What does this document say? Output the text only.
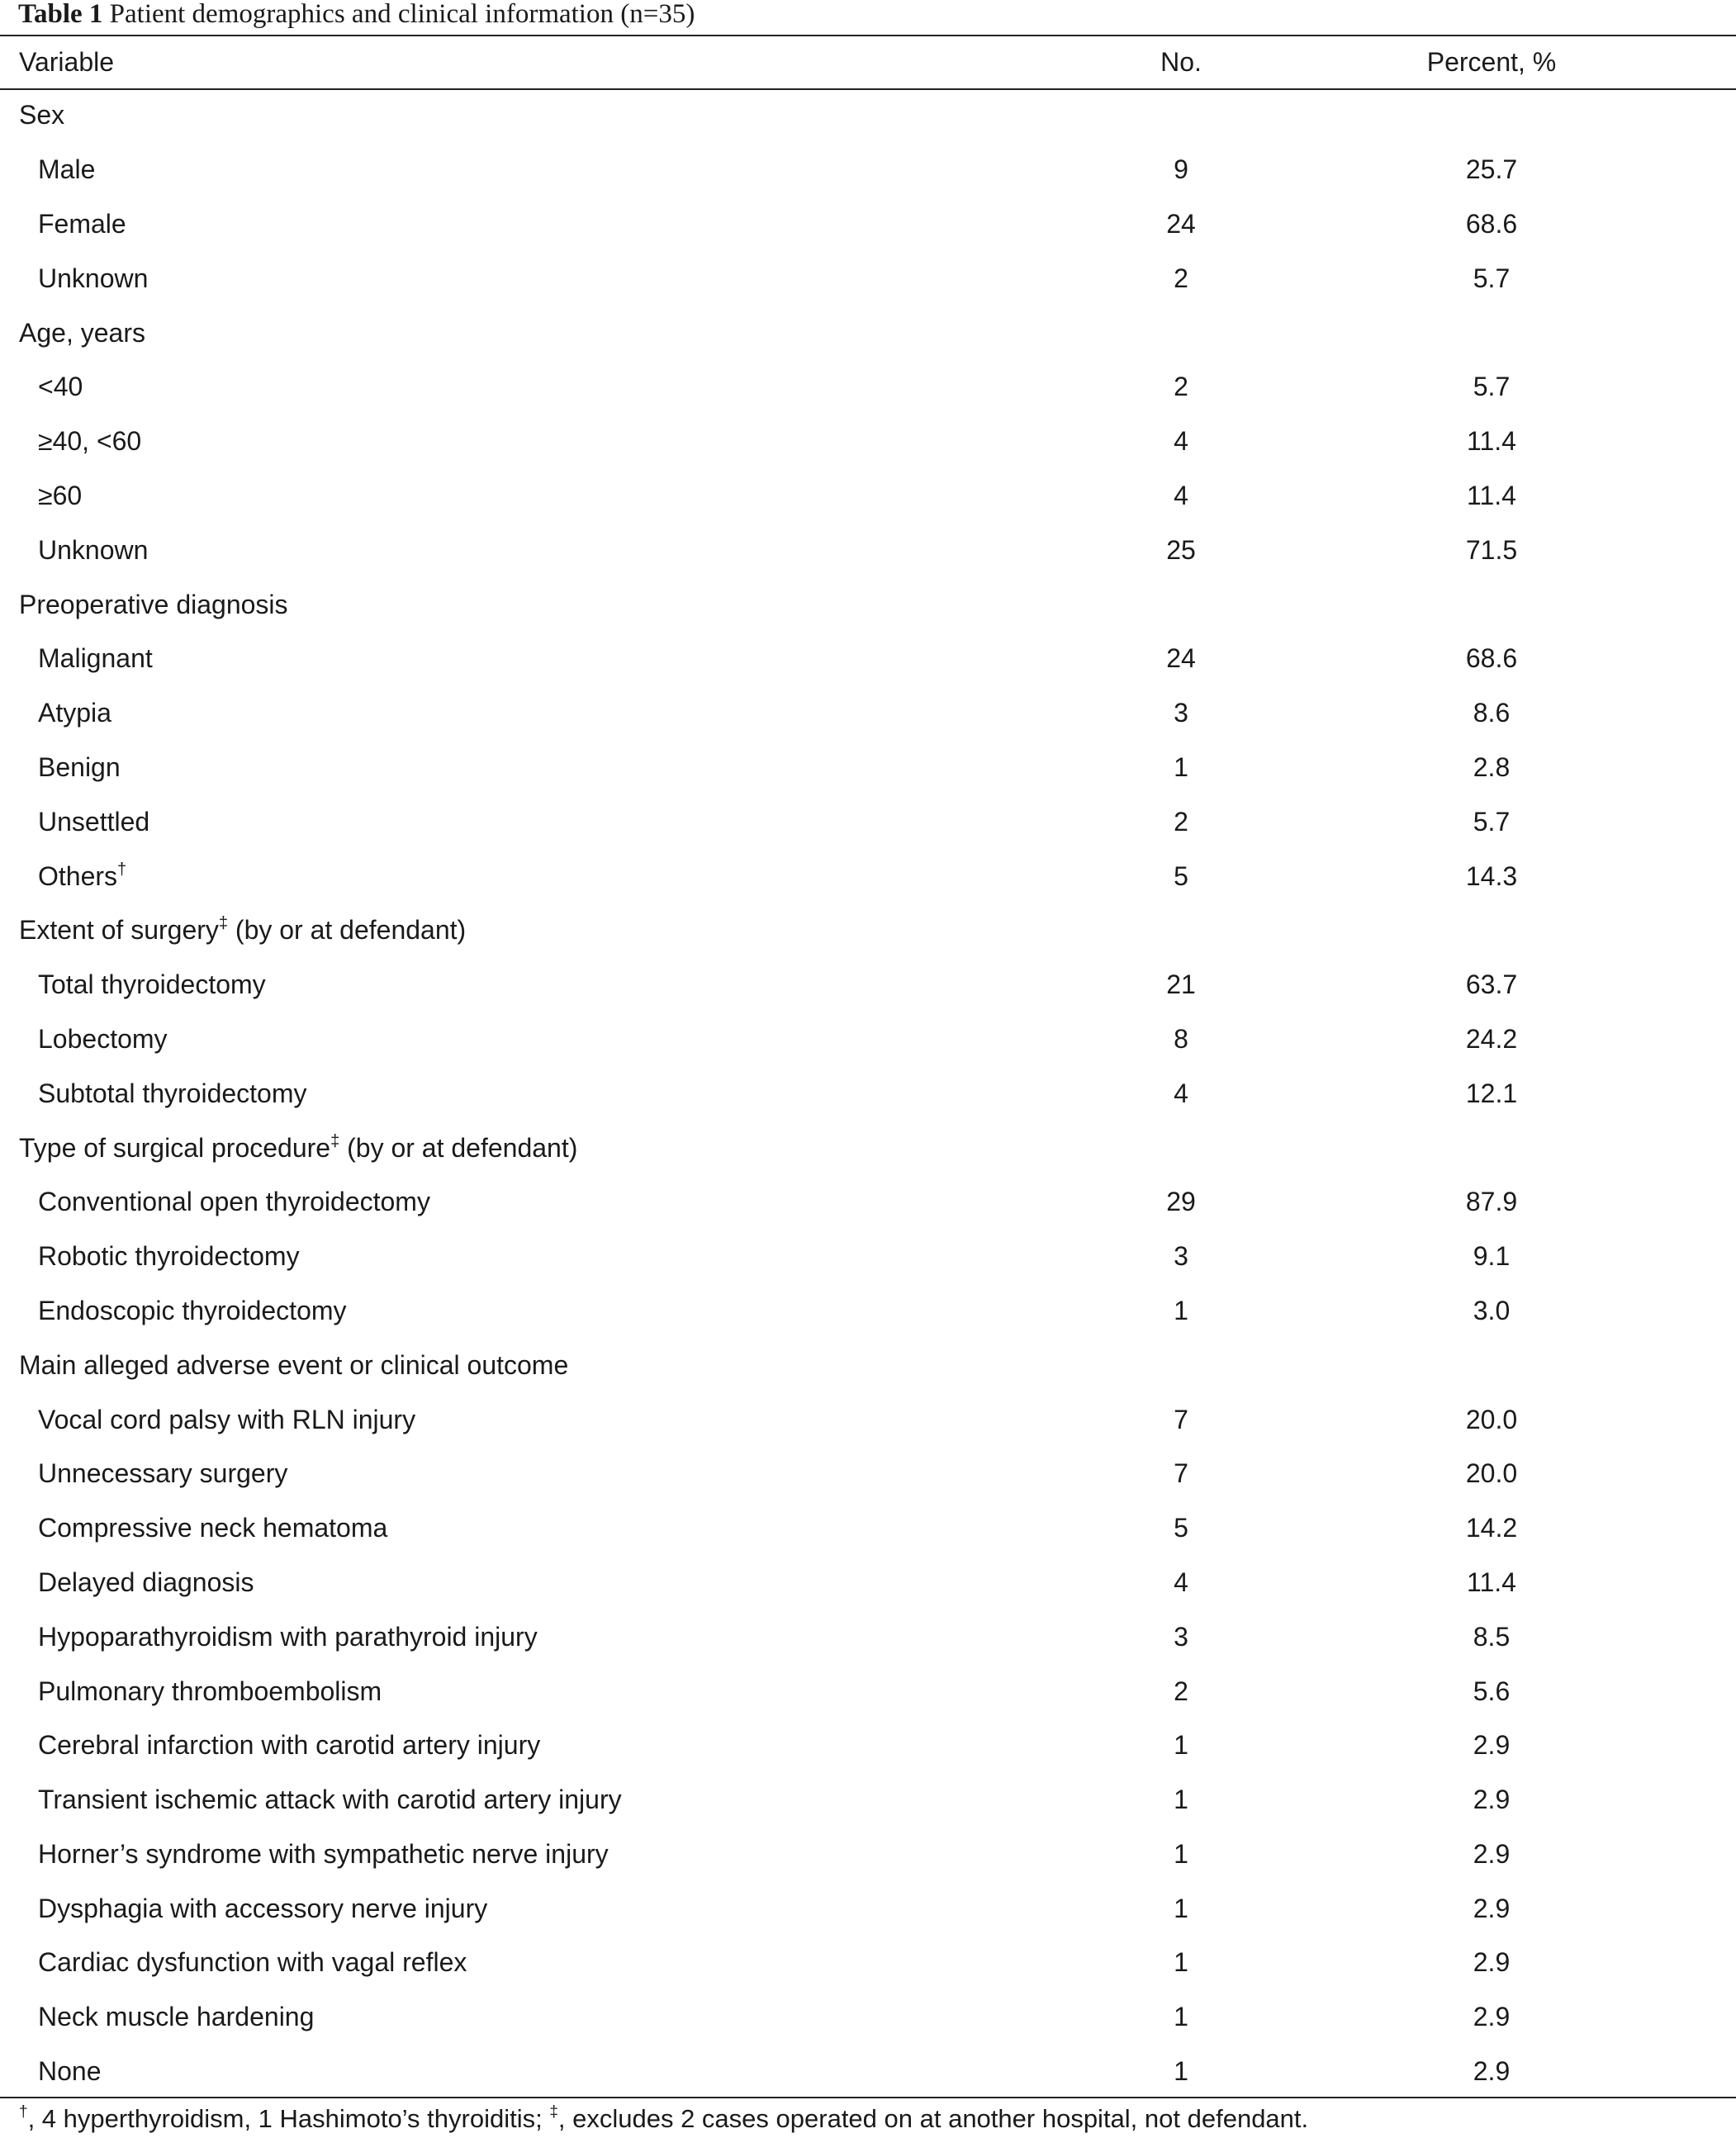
Table 1 Patient demographics and clinical information (n=35)
Variable	No.	Percent, %
Sex		
Male	9	25.7
Female	24	68.6
Unknown	2	5.7
Age, years		
<40	2	5.7
≥40, <60	4	11.4
≥60	4	11.4
Unknown	25	71.5
Preoperative diagnosis		
Malignant	24	68.6
Atypia	3	8.6
Benign	1	2.8
Unsettled	2	5.7
Others†	5	14.3
Extent of surgery‡ (by or at defendant)		
Total thyroidectomy	21	63.7
Lobectomy	8	24.2
Subtotal thyroidectomy	4	12.1
Type of surgical procedure‡ (by or at defendant)		
Conventional open thyroidectomy	29	87.9
Robotic thyroidectomy	3	9.1
Endoscopic thyroidectomy	1	3.0
Main alleged adverse event or clinical outcome		
Vocal cord palsy with RLN injury	7	20.0
Unnecessary surgery	7	20.0
Compressive neck hematoma	5	14.2
Delayed diagnosis	4	11.4
Hypoparathyroidism with parathyroid injury	3	8.5
Pulmonary thromboembolism	2	5.6
Cerebral infarction with carotid artery injury	1	2.9
Transient ischemic attack with carotid artery injury	1	2.9
Horner’s syndrome with sympathetic nerve injury	1	2.9
Dysphagia with accessory nerve injury	1	2.9
Cardiac dysfunction with vagal reflex	1	2.9
Neck muscle hardening	1	2.9
None	1	2.9
†, 4 hyperthyroidism, 1 Hashimoto’s thyroiditis; ‡, excludes 2 cases operated on at another hospital, not defendant.
